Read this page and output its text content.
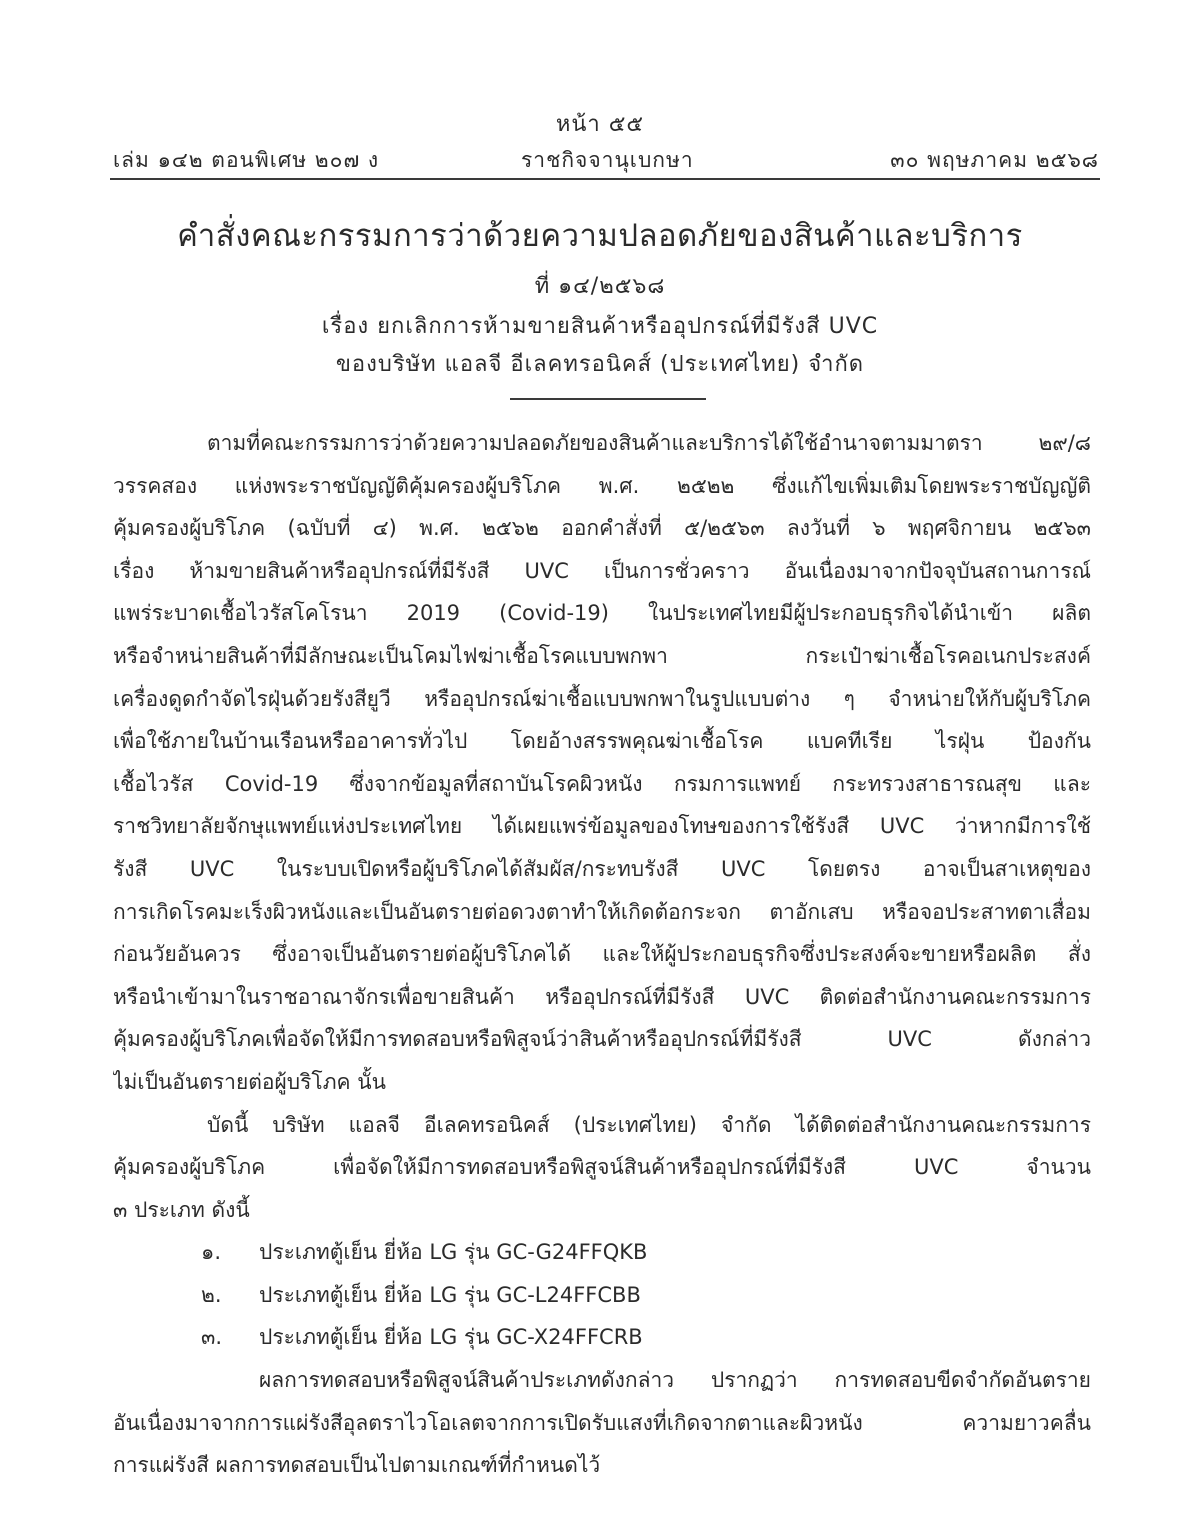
หน้า ๕๕
เล่ม ๑๔๒ ตอนพิเศษ ๒๐๗ ง	ราชกิจจานุเบกษา	๓๐ พฤษภาคม ๒๕๖๘
คำสั่งคณะกรรมการว่าด้วยความปลอดภัยของสินค้าและบริการ
ที่ ๑๔/๒๕๖๘
เรื่อง ยกเลิกการห้ามขายสินค้าหรืออุปกรณ์ที่มีรังสี UVC
ของบริษัท แอลจี อีเลคทรอนิคส์ (ประเทศไทย) จำกัด

ตามที่คณะกรรมการว่าด้วยความปลอดภัยของสินค้าและบริการได้ใช้อำนาจตามมาตรา ๒๙/๘
วรรคสอง แห่งพระราชบัญญัติคุ้มครองผู้บริโภค พ.ศ. ๒๕๒๒ ซึ่งแก้ไขเพิ่มเติมโดยพระราชบัญญัติ
คุ้มครองผู้บริโภค (ฉบับที่ ๔) พ.ศ. ๒๕๖๒ ออกคำสั่งที่ ๕/๒๕๖๓ ลงวันที่ ๖ พฤศจิกายน ๒๕๖๓
เรื่อง ห้ามขายสินค้าหรืออุปกรณ์ที่มีรังสี UVC เป็นการชั่วคราว อันเนื่องมาจากปัจจุบันสถานการณ์
แพร่ระบาดเชื้อไวรัสโคโรนา 2019 (Covid-19) ในประเทศไทยมีผู้ประกอบธุรกิจได้นำเข้า ผลิต
หรือจำหน่ายสินค้าที่มีลักษณะเป็นโคมไฟฆ่าเชื้อโรคแบบพกพา กระเป๋าฆ่าเชื้อโรคอเนกประสงค์
เครื่องดูดกำจัดไรฝุ่นด้วยรังสียูวี หรืออุปกรณ์ฆ่าเชื้อแบบพกพาในรูปแบบต่าง ๆ จำหน่ายให้กับผู้บริโภค
เพื่อใช้ภายในบ้านเรือนหรืออาคารทั่วไป โดยอ้างสรรพคุณฆ่าเชื้อโรค แบคทีเรีย ไรฝุ่น ป้องกัน
เชื้อไวรัส Covid-19 ซึ่งจากข้อมูลที่สถาบันโรคผิวหนัง กรมการแพทย์ กระทรวงสาธารณสุข และ
ราชวิทยาลัยจักษุแพทย์แห่งประเทศไทย ได้เผยแพร่ข้อมูลของโทษของการใช้รังสี UVC ว่าหากมีการใช้
รังสี UVC ในระบบเปิดหรือผู้บริโภคได้สัมผัส/กระทบรังสี UVC โดยตรง อาจเป็นสาเหตุของ
การเกิดโรคมะเร็งผิวหนังและเป็นอันตรายต่อดวงตาทำให้เกิดต้อกระจก ตาอักเสบ หรือจอประสาทตาเสื่อม
ก่อนวัยอันควร ซึ่งอาจเป็นอันตรายต่อผู้บริโภคได้ และให้ผู้ประกอบธุรกิจซึ่งประสงค์จะขายหรือผลิต สั่ง
หรือนำเข้ามาในราชอาณาจักรเพื่อขายสินค้า หรืออุปกรณ์ที่มีรังสี UVC ติดต่อสำนักงานคณะกรรมการ
คุ้มครองผู้บริโภคเพื่อจัดให้มีการทดสอบหรือพิสูจน์ว่าสินค้าหรืออุปกรณ์ที่มีรังสี UVC ดังกล่าว
ไม่เป็นอันตรายต่อผู้บริโภค นั้น

บัดนี้ บริษัท แอลจี อีเลคทรอนิคส์ (ประเทศไทย) จำกัด ได้ติดต่อสำนักงานคณะกรรมการ
คุ้มครองผู้บริโภค เพื่อจัดให้มีการทดสอบหรือพิสูจน์สินค้าหรืออุปกรณ์ที่มีรังสี UVC จำนวน
๓ ประเภท ดังนี้

๑. ประเภทตู้เย็น ยี่ห้อ LG รุ่น GC-G24FFQKB
๒. ประเภทตู้เย็น ยี่ห้อ LG รุ่น GC-L24FFCBB
๓. ประเภทตู้เย็น ยี่ห้อ LG รุ่น GC-X24FFCRB

ผลการทดสอบหรือพิสูจน์สินค้าประเภทดังกล่าว ปรากฏว่า การทดสอบขีดจำกัดอันตราย
อันเนื่องมาจากการแผ่รังสีอุลตราไวโอเลตจากการเปิดรับแสงที่เกิดจากตาและผิวหนัง ความยาวคลื่น
การแผ่รังสี ผลการทดสอบเป็นไปตามเกณฑ์ที่กำหนดไว้
